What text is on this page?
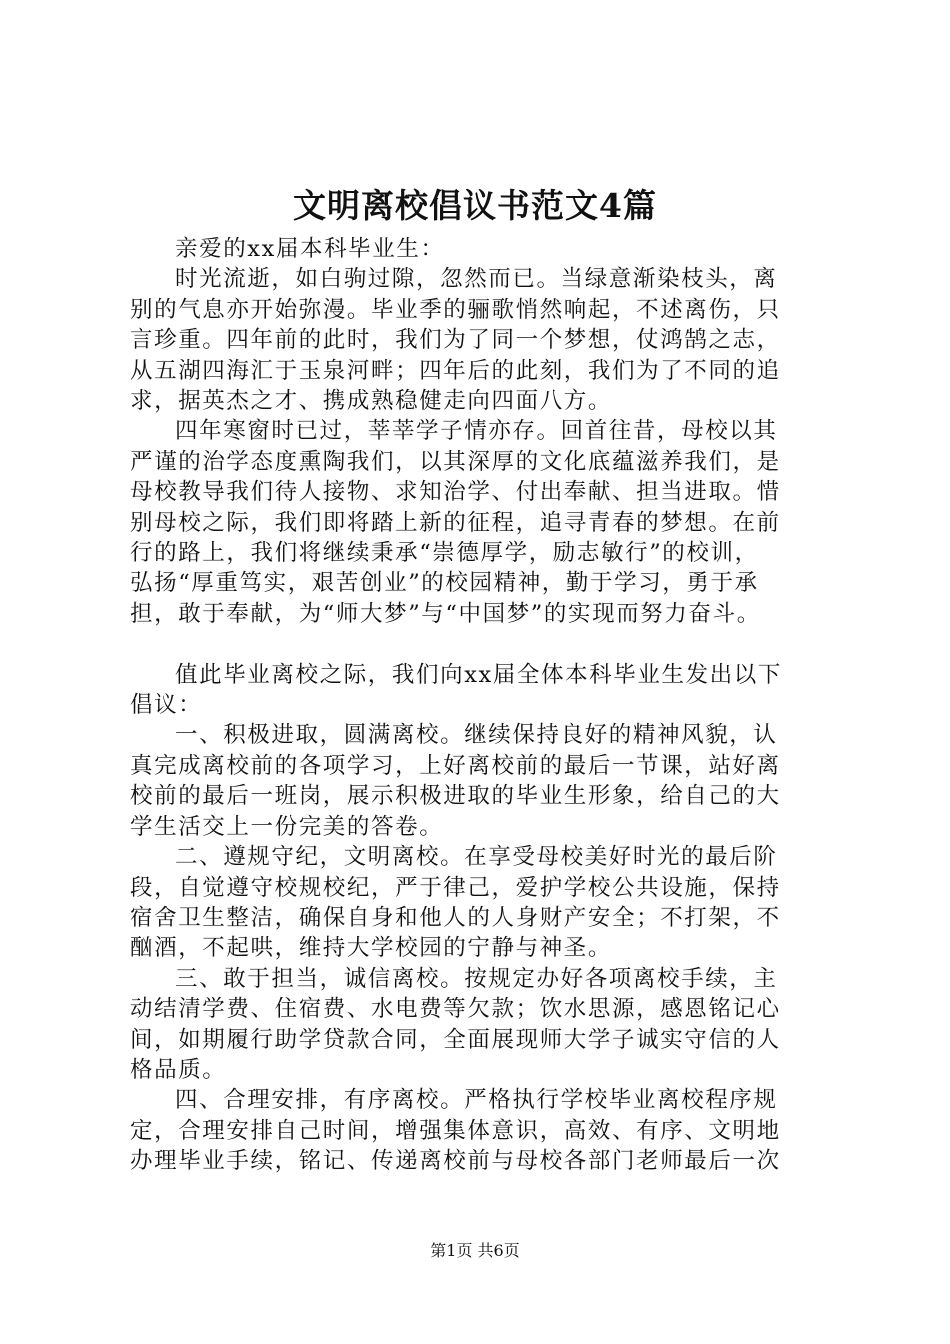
文明离校倡议书范文4篇

亲爱的xx届本科毕业生：

时光流逝，如白驹过隙，忽然而已。当绿意渐染枝头，离
别的气息亦开始弥漫。毕业季的骊歌悄然响起，不述离伤，只
言珍重。四年前的此时，我们为了同一个梦想，仗鸿鹄之志，
从五湖四海汇于玉泉河畔；四年后的此刻，我们为了不同的追
求，据英杰之才、携成熟稳健走向四面八方。

四年寒窗时已过，莘莘学子情亦存。回首往昔，母校以其
严谨的治学态度熏陶我们，以其深厚的文化底蕴滋养我们，是
母校教导我们待人接物、求知治学、付出奉献、担当进取。惜
别母校之际，我们即将踏上新的征程，追寻青春的梦想。在前
行的路上，我们将继续秉承“崇德厚学，励志敏行”的校训，
弘扬“厚重笃实，艰苦创业”的校园精神，勤于学习，勇于承
担，敢于奉献，为“师大梦”与“中国梦”的实现而努力奋斗。

值此毕业离校之际，我们向xx届全体本科毕业生发出以下
倡议：

一、积极进取，圆满离校。继续保持良好的精神风貌，认
真完成离校前的各项学习，上好离校前的最后一节课，站好离
校前的最后一班岗，展示积极进取的毕业生形象，给自己的大
学生活交上一份完美的答卷。

二、遵规守纪，文明离校。在享受母校美好时光的最后阶
段，自觉遵守校规校纪，严于律己，爱护学校公共设施，保持
宿舍卫生整洁，确保自身和他人的人身财产安全；不打架，不
酗酒，不起哄，维持大学校园的宁静与神圣。

三、敢于担当，诚信离校。按规定办好各项离校手续，主
动结清学费、住宿费、水电费等欠款；饮水思源，感恩铭记心
间，如期履行助学贷款合同，全面展现师大学子诚实守信的人
格品质。

四、合理安排，有序离校。严格执行学校毕业离校程序规
定，合理安排自己时间，增强集体意识，高效、有序、文明地
办理毕业手续，铭记、传递离校前与母校各部门老师最后一次

第1页 共6页
